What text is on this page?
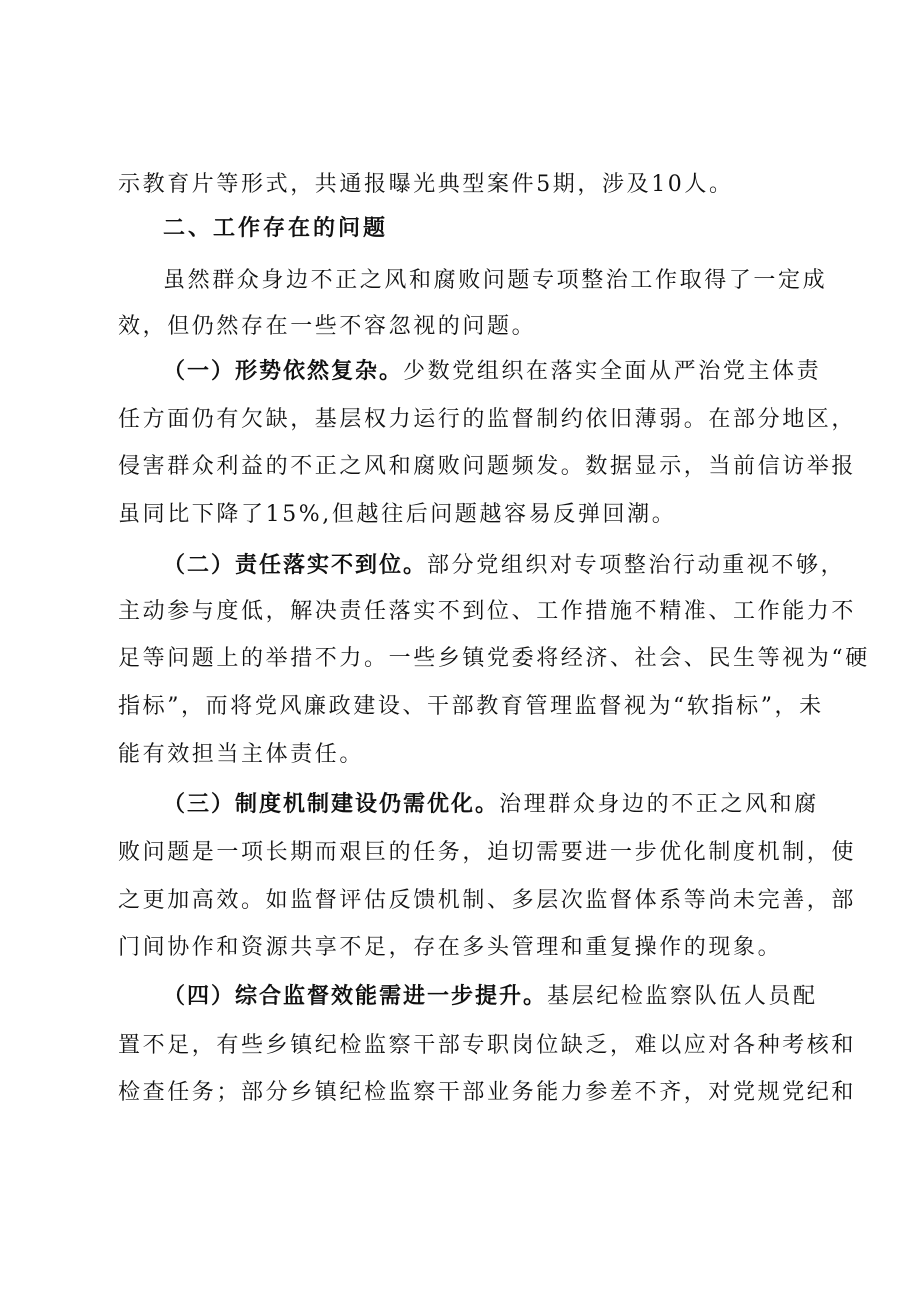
示教育片等形式，共通报曝光典型案件5期，涉及10人。
二、工作存在的问题
虽然群众身边不正之风和腐败问题专项整治工作取得了一定成
效，但仍然存在一些不容忽视的问题。
（一）形势依然复杂。少数党组织在落实全面从严治党主体责
任方面仍有欠缺，基层权力运行的监督制约依旧薄弱。在部分地区，
侵害群众利益的不正之风和腐败问题频发。数据显示，当前信访举报
虽同比下降了15%,但越往后问题越容易反弹回潮。
（二）责任落实不到位。部分党组织对专项整治行动重视不够，
主动参与度低，解决责任落实不到位、工作措施不精准、工作能力不
足等问题上的举措不力。一些乡镇党委将经济、社会、民生等视为“硬
指标”，而将党风廉政建设、干部教育管理监督视为“软指标”，未
能有效担当主体责任。
（三）制度机制建设仍需优化。治理群众身边的不正之风和腐
败问题是一项长期而艰巨的任务，迫切需要进一步优化制度机制，使
之更加高效。如监督评估反馈机制、多层次监督体系等尚未完善，部
门间协作和资源共享不足，存在多头管理和重复操作的现象。
（四）综合监督效能需进一步提升。基层纪检监察队伍人员配
置不足，有些乡镇纪检监察干部专职岗位缺乏，难以应对各种考核和
检查任务；部分乡镇纪检监察干部业务能力参差不齐，对党规党纪和
